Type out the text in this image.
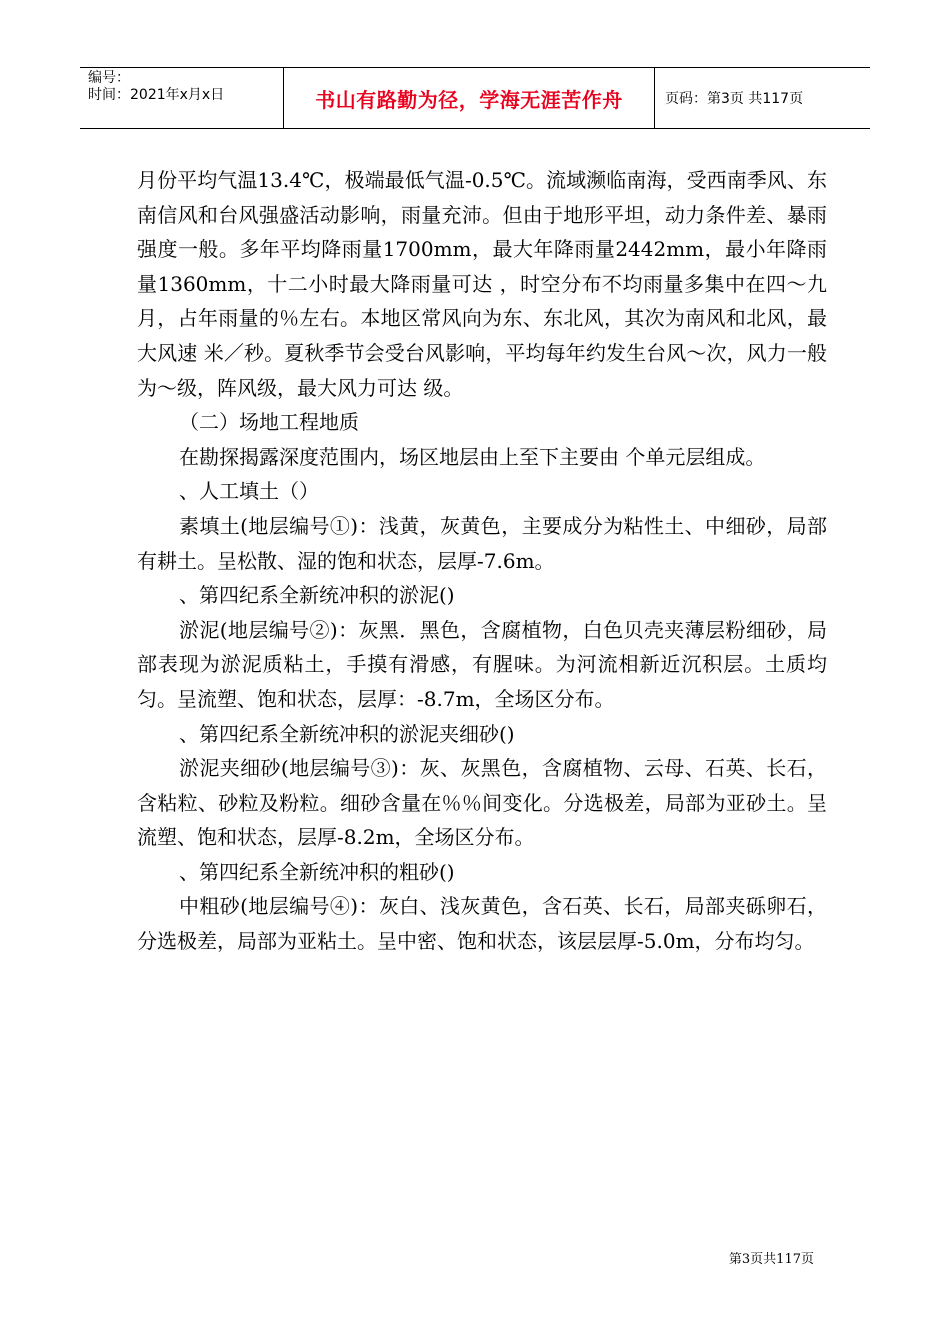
编号：
时间：2021年x月x日	书山有路勤为径，学海无涯苦作舟	页码：第3页 共117页

月份平均气温13.4℃，极端最低气温-0.5℃。流域濒临南海，受西南季风、东南信风和台风强盛活动影响，雨量充沛。但由于地形平坦，动力条件差、暴雨强度一般。多年平均降雨量1700mm，最大年降雨量2442mm，最小年降雨量1360mm，十二小时最大降雨量可达 ，时空分布不均雨量多集中在四～九月，占年雨量的％左右。本地区常风向为东、东北风，其次为南风和北风，最大风速 米／秒。夏秋季节会受台风影响，平均每年约发生台风～次，风力一般为～级，阵风级，最大风力可达 级。

（二）场地工程地质

在勘探揭露深度范围内，场区地层由上至下主要由 个单元层组成。

、人工填土（）

素填土(地层编号①)：浅黄，灰黄色，主要成分为粘性土、中细砂，局部有耕土。呈松散、湿的饱和状态，层厚-7.6m。

、第四纪系全新统冲积的淤泥()

淤泥(地层编号②)：灰黑．黑色，含腐植物，白色贝壳夹薄层粉细砂，局部表现为淤泥质粘土，手摸有滑感，有腥味。为河流相新近沉积层。土质均匀。呈流塑、饱和状态，层厚：-8.7m，全场区分布。

、第四纪系全新统冲积的淤泥夹细砂()

淤泥夹细砂(地层编号③)：灰、灰黑色，含腐植物、云母、石英、长石，含粘粒、砂粒及粉粒。细砂含量在％％间变化。分选极差，局部为亚砂土。呈流塑、饱和状态，层厚-8.2m，全场区分布。

、第四纪系全新统冲积的粗砂()

中粗砂(地层编号④)：灰白、浅灰黄色，含石英、长石，局部夹砾卵石，分选极差，局部为亚粘土。呈中密、饱和状态，该层层厚-5.0m，分布均匀。

第3页共117页
